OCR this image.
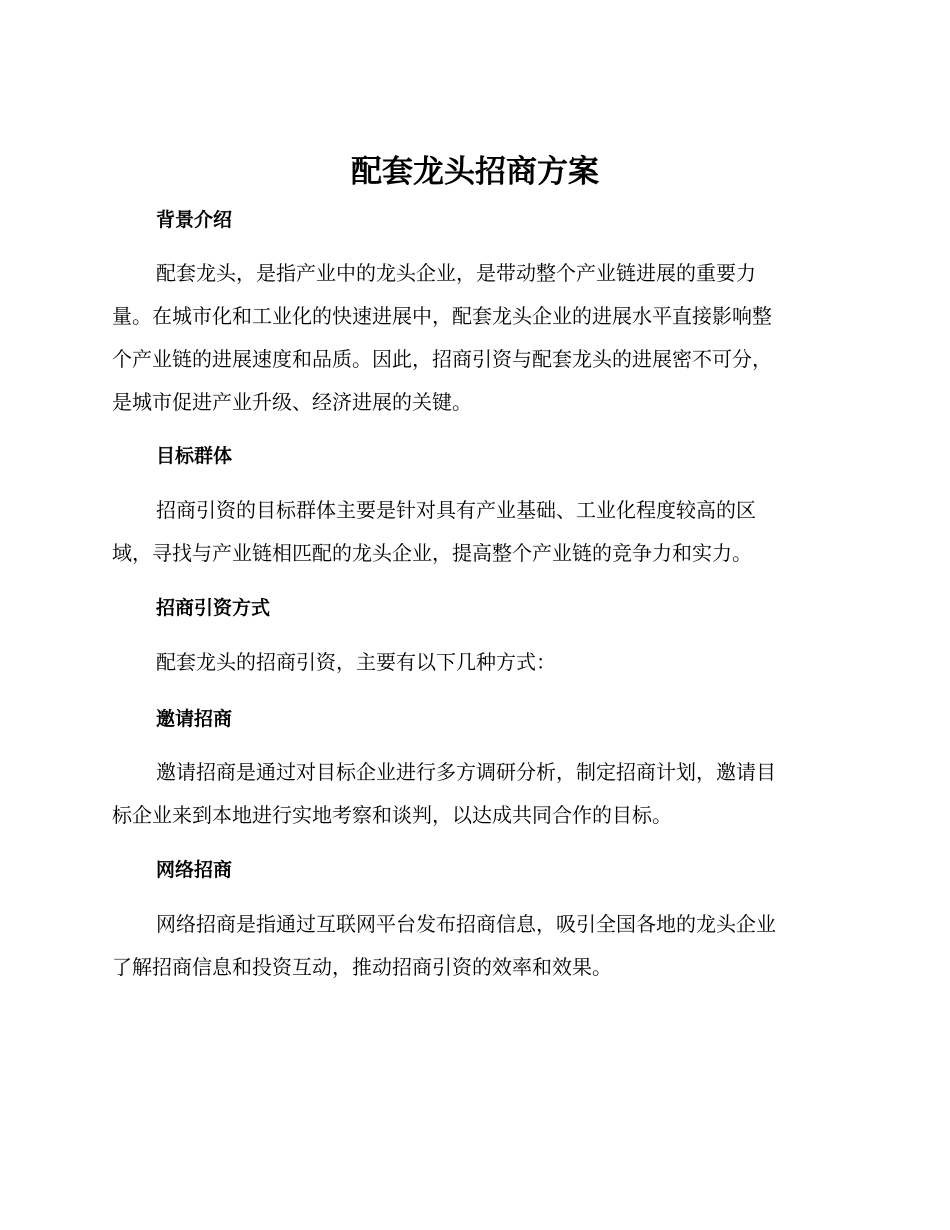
配套龙头招商方案
背景介绍
配套龙头，是指产业中的龙头企业，是带动整个产业链进展的重要力
量。在城市化和工业化的快速进展中，配套龙头企业的进展水平直接影响整
个产业链的进展速度和品质。因此，招商引资与配套龙头的进展密不可分，
是城市促进产业升级、经济进展的关键。
目标群体
招商引资的目标群体主要是针对具有产业基础、工业化程度较高的区
域，寻找与产业链相匹配的龙头企业，提高整个产业链的竞争力和实力。
招商引资方式
配套龙头的招商引资，主要有以下几种方式：
邀请招商
邀请招商是通过对目标企业进行多方调研分析，制定招商计划，邀请目
标企业来到本地进行实地考察和谈判，以达成共同合作的目标。
网络招商
网络招商是指通过互联网平台发布招商信息，吸引全国各地的龙头企业
了解招商信息和投资互动，推动招商引资的效率和效果。
